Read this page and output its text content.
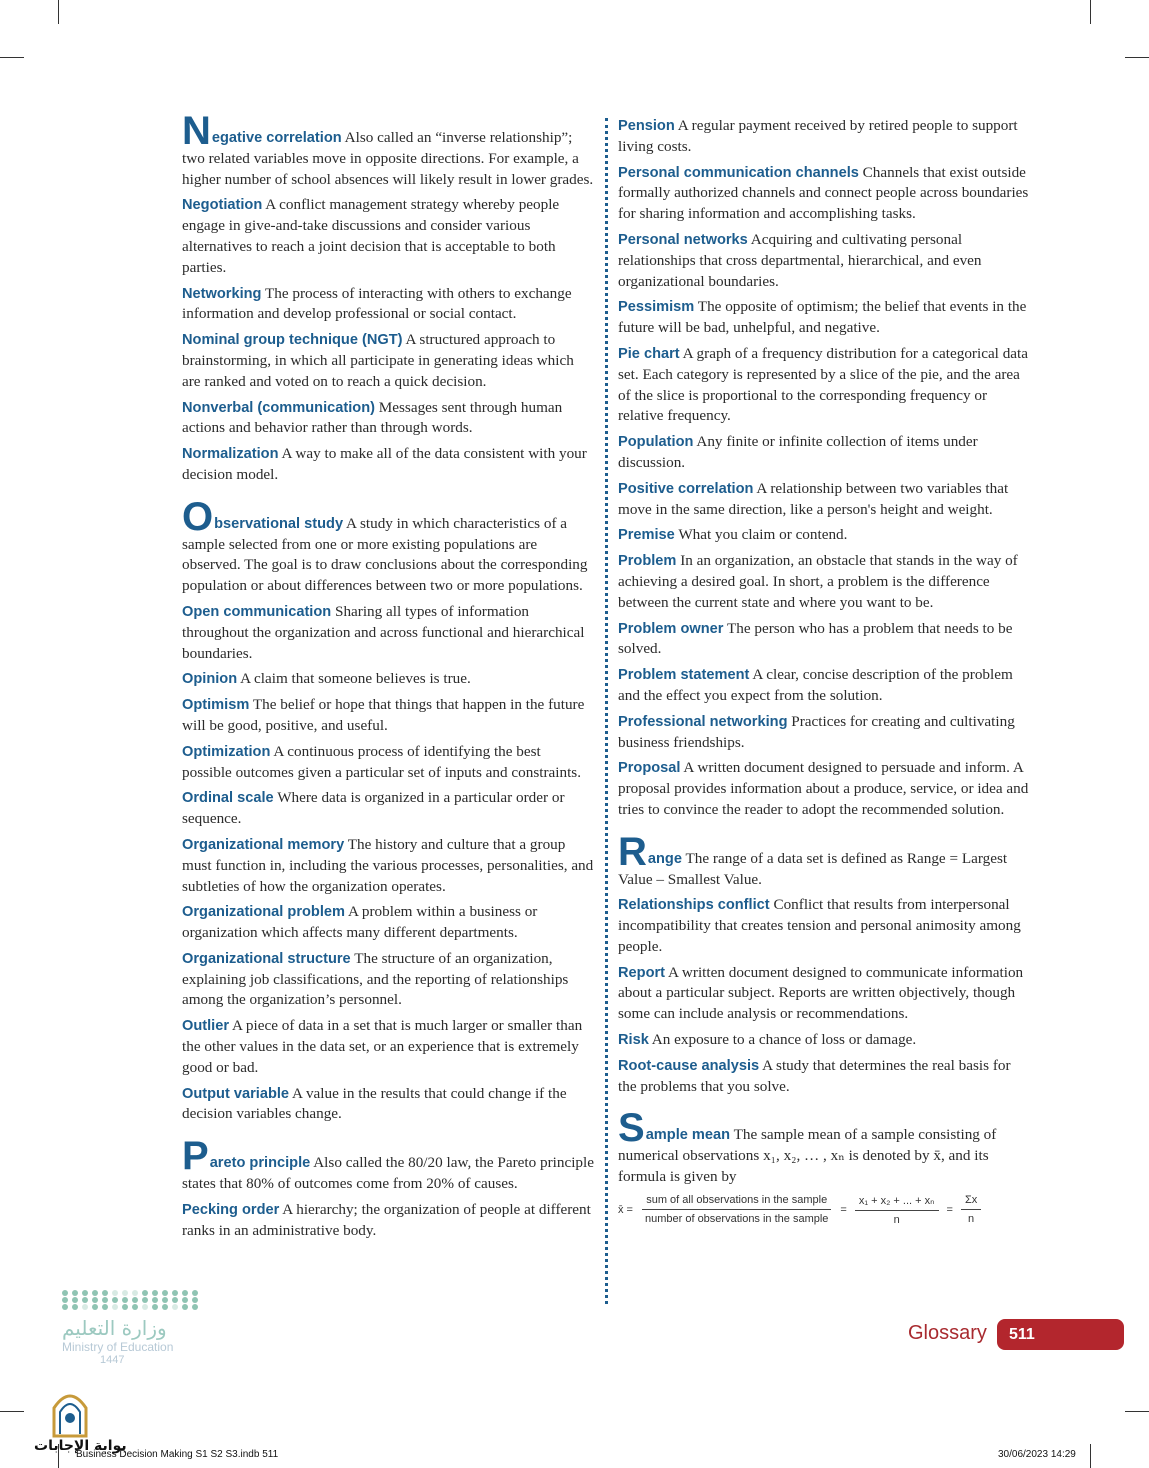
Negative correlation Also called an “inverse relationship”; two related variables move in opposite directions. For example, a higher number of school absences will likely result in lower grades.

Negotiation A conflict management strategy whereby people engage in give-and-take discussions and consider various alternatives to reach a joint decision that is acceptable to both parties.

Networking The process of interacting with others to exchange information and develop professional or social contact.

Nominal group technique (NGT) A structured approach to brainstorming, in which all participate in generating ideas which are ranked and voted on to reach a quick decision.

Nonverbal (communication) Messages sent through human actions and behavior rather than through words.

Normalization A way to make all of the data consistent with your decision model.

Observational study A study in which characteristics of a sample selected from one or more existing populations are observed. The goal is to draw conclusions about the corresponding population or about differences between two or more populations.

Open communication Sharing all types of information throughout the organization and across functional and hierarchical boundaries.

Opinion A claim that someone believes is true.

Optimism The belief or hope that things that happen in the future will be good, positive, and useful.

Optimization A continuous process of identifying the best possible outcomes given a particular set of inputs and constraints.

Ordinal scale Where data is organized in a particular order or sequence.

Organizational memory The history and culture that a group must function in, including the various processes, personalities, and subtleties of how the organization operates.

Organizational problem A problem within a business or organization which affects many different departments.

Organizational structure The structure of an organization, explaining job classifications, and the reporting of relationships among the organization’s personnel.

Outlier A piece of data in a set that is much larger or smaller than the other values in the data set, or an experience that is extremely good or bad.

Output variable A value in the results that could change if the decision variables change.

Pareto principle Also called the 80/20 law, the Pareto principle states that 80% of outcomes come from 20% of causes.

Pecking order A hierarchy; the organization of people at different ranks in an administrative body.

Pension A regular payment received by retired people to support living costs.

Personal communication channels Channels that exist outside formally authorized channels and connect people across boundaries for sharing information and accomplishing tasks.

Personal networks Acquiring and cultivating personal relationships that cross departmental, hierarchical, and even organizational boundaries.

Pessimism The opposite of optimism; the belief that events in the future will be bad, unhelpful, and negative.

Pie chart A graph of a frequency distribution for a categorical data set. Each category is represented by a slice of the pie, and the area of the slice is proportional to the corresponding frequency or relative frequency.

Population Any finite or infinite collection of items under discussion.

Positive correlation A relationship between two variables that move in the same direction, like a person's height and weight.

Premise What you claim or contend.

Problem In an organization, an obstacle that stands in the way of achieving a desired goal. In short, a problem is the difference between the current state and where you want to be.

Problem owner The person who has a problem that needs to be solved.

Problem statement A clear, concise description of the problem and the effect you expect from the solution.

Professional networking Practices for creating and cultivating business friendships.

Proposal A written document designed to persuade and inform. A proposal provides information about a produce, service, or idea and tries to convince the reader to adopt the recommended solution.

Range The range of a data set is defined as Range = Largest Value – Smallest Value.

Relationships conflict Conflict that results from interpersonal incompatibility that creates tension and personal animosity among people.

Report A written document designed to communicate information about a particular subject. Reports are written objectively, though some can include analysis or recommendations.

Risk An exposure to a chance of loss or damage.

Root-cause analysis A study that determines the real basis for the problems that you solve.

Sample mean The sample mean of a sample consisting of numerical observations x₁, x₂, … , xₙ is denoted by x̄, and its formula is given by

x̄ = $\frac{\text{sum of all observations in the sample}}{\text{number of observations in the sample}} = \frac{\text{x₁ + x₂ + ... + xₙ}}{n} = \frac{\Sigma x}{n}$
وزارة التعليم
Ministry of Education
1447
بوابة الإجابات
Business Decision Making S1 S2 S3.indb 511	30/06/2023 14:29
Glossary	511
